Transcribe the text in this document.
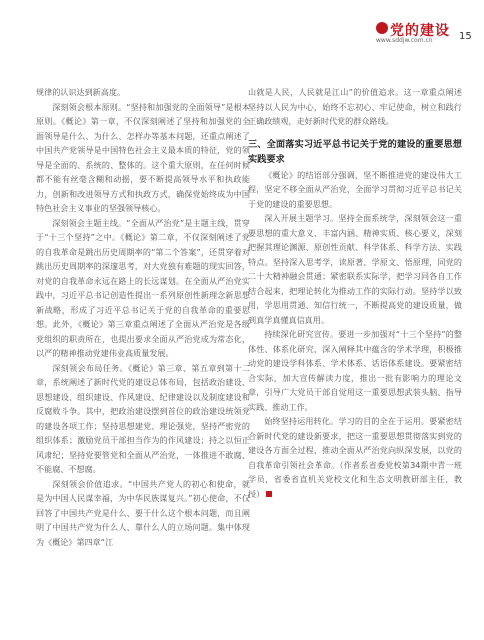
党的建设
www.sddjw.com.cn	15

规律的认识达到新高度。

深刻领会根本原则。“坚持和加强党的全面领导”是根本原则。《概论》第一章，不仅深刻阐述了坚持和加强党的全面领导是什么、为什么、怎样办等基本问题，还重点阐述了中国共产党领导是中国特色社会主义最本质的特征，党的领导是全面的、系统的、整体的。这个重大原则，在任何时候都不能有丝毫含糊和动摇，要不断提高领导水平和执政能力，创新和改进领导方式和执政方式，确保党始终成为中国特色社会主义事业的坚强领导核心。

深刻领会主题主线。“全面从严治党”是主题主线，贯穿于“十三个坚持”之中。《概论》第二章，不仅深刻阐述了党的自我革命是跳出历史周期率的“第二个答案”，还贯穿着对跳出历史周期率的深邃思考，对大党独有难题的现实回答，对党的自我革命永远在路上的长远谋划。在全面从严治党实践中，习近平总书记创造性提出一系列原创性新理念新思想新战略，形成了习近平总书记关于党的自我革命的重要思想。此外，《概论》第三章重点阐述了全面从严治党是各级党组织的职责所在，也提出要求全面从严治党成为常态化，以严的精神推动党建伟业高质量发展。

深刻领会布局任务。《概论》第三章、第五章到第十二章，系统阐述了新时代党的建设总体布局，包括政治建设、思想建设、组织建设、作风建设、纪律建设以及制度建设和反腐败斗争。其中，把政治建设摆到首位的政治建设统领党的建设各项工作；坚持思想建党、理论强党，坚持严密党的组织体系；激励党员干部担当作为的作风建设；持之以恒正风肃纪；坚持党要管党和全面从严治党，一体推进不敢腐、不能腐、不想腐。

深刻领会价值追求。“中国共产党人的初心和使命，就是为中国人民谋幸福，为中华民族谋复兴。”初心使命，不仅回答了中国共产党是什么、要干什么这个根本问题，而且阐明了中国共产党为什么人、靠什么人的立场问题。集中体现为《概论》第四章“江

山就是人民，人民就是江山”的价值追求。这一章重点阐述坚持以人民为中心，始终不忘初心、牢记使命，树立和践行正确政绩观，走好新时代党的群众路线。

三、全面落实习近平总书记关于党的建设的重要思想实践要求

《概论》的结语部分强调，坚不断推进党的建设伟大工程，坚定不移全面从严治党，全面学习贯彻习近平总书记关于党的建设的重要思想。

深入开展主题学习。坚持全面系统学，深刻领会这一重要思想的重大意义、丰富内涵、精神实质、核心要义，深刻把握其理论渊源、原创性贡献、科学体系、科学方法、实践特点。坚持深入思考学，读原著、学原文、悟原理，同党的二十大精神融会贯通；紧密联系实际学，把学习同各自工作结合起来，把理论转化为推动工作的实际行动。坚持学以致用，学思用贯通、知信行统一，不断提高党的建设质量，做到真学真懂真信真用。

持续深化研究宣传。要进一步加强对“十三个坚持”的整体性、体系化研究，深入阐释其中蕴含的学术学理，积极推动党的建设学科体系、学术体系、话语体系建设。要紧密结合实际，加大宣传解读力度，推出一批有影响力的理论文章，引导广大党员干部自觉用这一重要思想武装头脑、指导实践、推动工作。

始终坚持运用转化。学习的目的全在于运用。要紧密结合新时代党的建设新要求，把这一重要思想贯彻落实到党的建设各方面全过程，推动全面从严治党向纵深发展，以党的自我革命引领社会革命。（作者系省委党校第34期中青一班学员，省委省直机关党校文化和生态文明教研部主任，教授）
